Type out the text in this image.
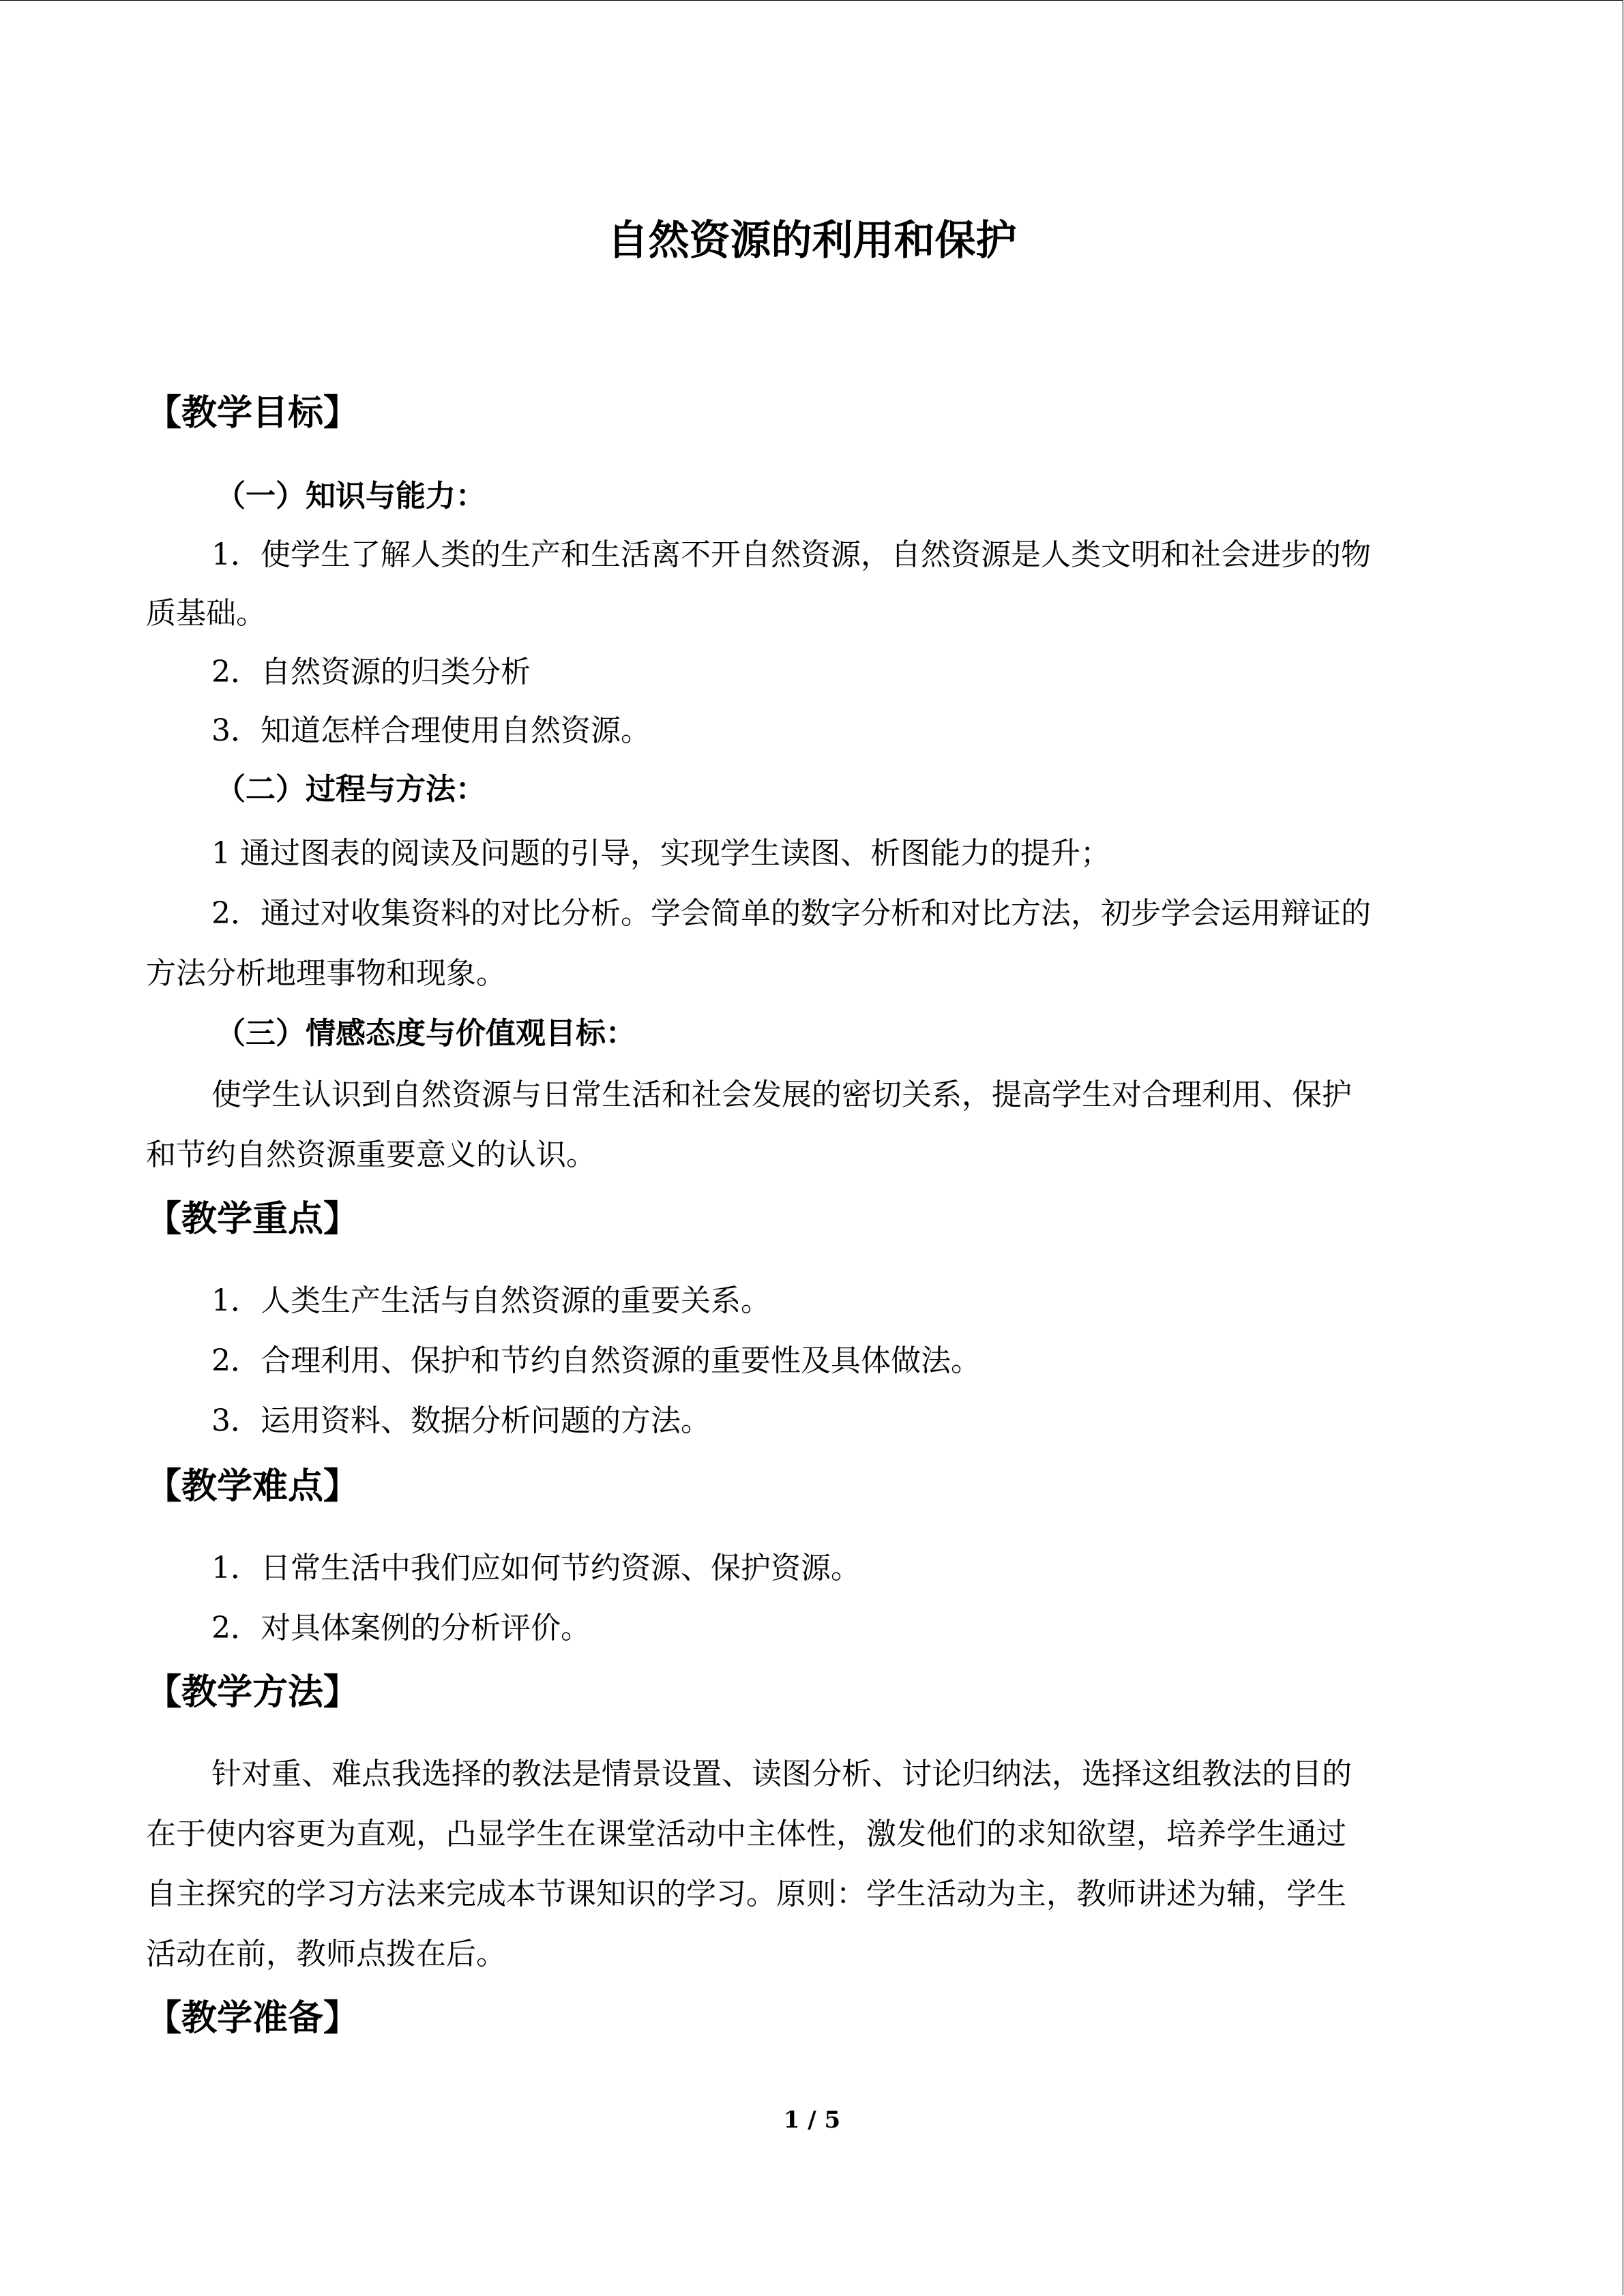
自然资源的利用和保护
【教学目标】
（一）知识与能力：
1．使学生了解人类的生产和生活离不开自然资源，自然资源是人类文明和社会进步的物
质基础。
2．自然资源的归类分析
3．知道怎样合理使用自然资源。
（二）过程与方法：
1 通过图表的阅读及问题的引导，实现学生读图、析图能力的提升；
2．通过对收集资料的对比分析。学会简单的数字分析和对比方法，初步学会运用辩证的
方法分析地理事物和现象。
（三）情感态度与价值观目标：
使学生认识到自然资源与日常生活和社会发展的密切关系，提高学生对合理利用、保护
和节约自然资源重要意义的认识。
【教学重点】
1．人类生产生活与自然资源的重要关系。
2．合理利用、保护和节约自然资源的重要性及具体做法。
3．运用资料、数据分析问题的方法。
【教学难点】
1．日常生活中我们应如何节约资源、保护资源。
2．对具体案例的分析评价。
【教学方法】
针对重、难点我选择的教法是情景设置、读图分析、讨论归纳法，选择这组教法的目的
在于使内容更为直观，凸显学生在课堂活动中主体性，激发他们的求知欲望，培养学生通过
自主探究的学习方法来完成本节课知识的学习。原则：学生活动为主，教师讲述为辅，学生
活动在前，教师点拨在后。
【教学准备】
1 / 5
